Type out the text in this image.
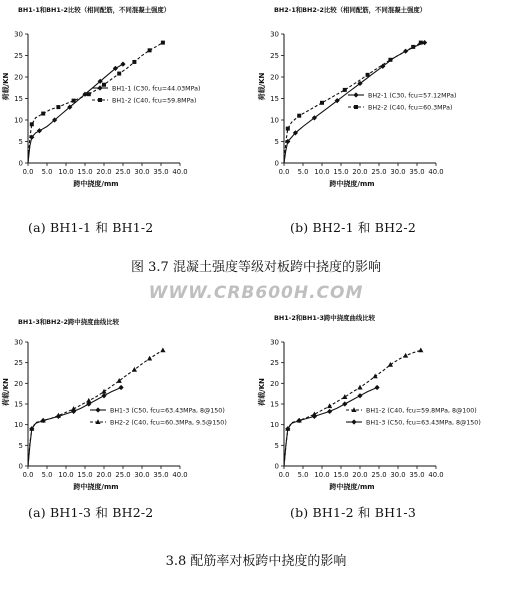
BH1-1和BH1-2比较（相同配筋，不同混凝土强度）
0
5
10
15
20
25
30
0.0 5.0 10.0 15.0 20.0 25.0 30.0 35.0 40.0
跨中挠度/mm
荷载/KN	BH1-1 (C30, fcu=44.03MPa)
BH1-2 (C40, fcu=59.8MPa)
BH2-1和BH2-2比较（相同配筋，不同混凝土强度）
0
5
10
15
20
25
30
0.0 5.0 10.0 15.0 20.0 25.0 30.0 35.0 40.0
跨中挠度/mm
荷载/KN	BH2-1 (C30, fcu=57.12MPa)
BH2-2 (C40, fcu=60.3MPa)
(a) BH1-1 和 BH1-2	(b) BH2-1 和 BH2-2
图 3.7 混凝土强度等级对板跨中挠度的影响
WWW.CRB600H.COM
BH1-3和BH2-2跨中挠度曲线比较
0
5
10
15
20
25
30
0.0 5.0 10.0 15.0 20.0 25.0 30.0 35.0 40.0
跨中挠度/mm
荷载/KN
BH1-3 (C50, fcu=63.43MPa, 8@150)
BH2-2 (C40, fcu=60.3MPa, 9.5@150)
BH1-2和BH1-3跨中挠度曲线比较
0
5
10
15
20
25
30
0.0 5.0 10.0 15.0 20.0 25.0 30.0 35.0 40.0
跨中挠度/mm
荷载/KN
BH1-2 (C40, fcu=59.8MPa, 8@100)
BH1-3 (C50, fcu=63.43MPa, 8@150)
(a) BH1-3 和 BH2-2	(b) BH1-2 和 BH1-3
3.8 配筋率对板跨中挠度的影响
